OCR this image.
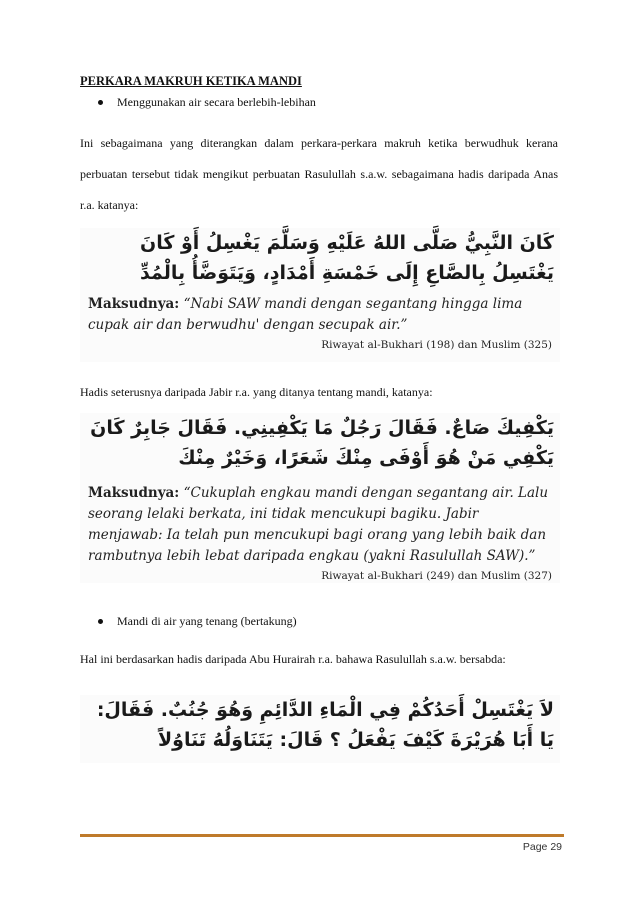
PERKARA MAKRUH KETIKA MANDI
Menggunakan air secara berlebih-lebihan
Ini sebagaimana yang diterangkan dalam perkara-perkara makruh ketika berwudhuk kerana perbuatan tersebut tidak mengikut perbuatan Rasulullah s.a.w. sebagaimana hadis daripada Anas r.a. katanya:
كَانَ النَّبِيُّ صَلَّى اللهُ عَلَيْهِ وَسَلَّمَ يَغْسِلُ أَوْ كَانَ يَغْتَسِلُ بِالصَّاعِ إِلَى خَمْسَةِ أَمْدَادٍ، وَيَتَوَضَّأُ بِالْمُدِّ
Maksudnya: “Nabi SAW mandi dengan segantang hingga lima cupak air dan berwudhu' dengan secupak air.”
Riwayat al-Bukhari (198) dan Muslim (325)
Hadis seterusnya daripada Jabir r.a. yang ditanya tentang mandi, katanya:
يَكْفِيكَ صَاعٌ. فَقَالَ رَجُلٌ مَا يَكْفِينِي. فَقَالَ جَابِرٌ كَانَ يَكْفِي مَنْ هُوَ أَوْفَى مِنْكَ شَعَرًا، وَخَيْرٌ مِنْكَ
Maksudnya: “Cukuplah engkau mandi dengan segantang air. Lalu seorang lelaki berkata, ini tidak mencukupi bagiku. Jabir menjawab: Ia telah pun mencukupi bagi orang yang lebih baik dan rambutnya lebih lebat daripada engkau (yakni Rasulullah SAW).”
Riwayat al-Bukhari (249) dan Muslim (327)
Mandi di air yang tenang (bertakung)
Hal ini berdasarkan hadis daripada Abu Hurairah r.a. bahawa Rasulullah s.a.w. bersabda:
لاَ يَغْتَسِلْ أَحَدُكُمْ فِي الْمَاءِ الدَّائِمِ وَهُوَ جُنُبٌ. فَقَالَ: يَا أَبَا هُرَيْرَةَ كَيْفَ يَفْعَلُ ؟ قَالَ: يَتَنَاوَلُهُ تَنَاوُلاً
Page 29
